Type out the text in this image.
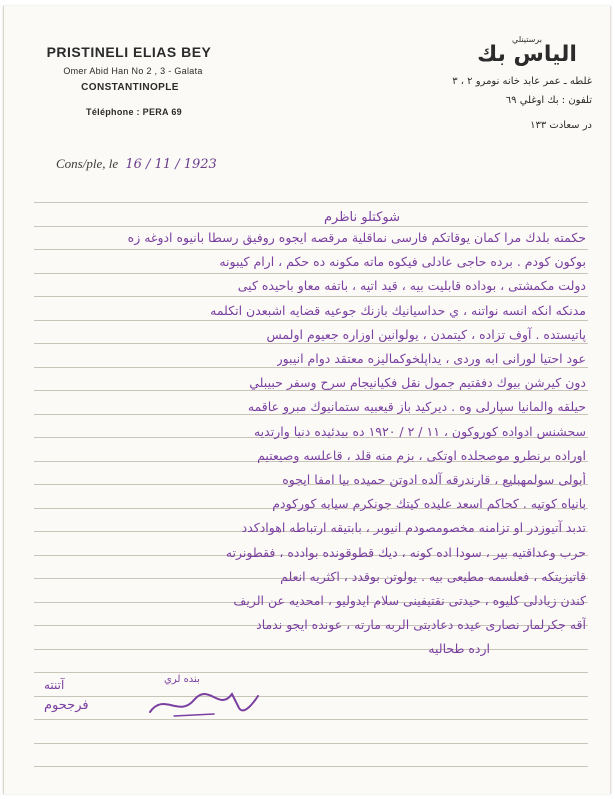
PRISTINELI ELIAS BEY
Omer Abid Han No 2 , 3 - Galata
CONSTANTINOPLE
Téléphone : PERA 69
برستينلي
الياس بك
غلطه ـ عمر عابد خانه نومرو ٢ ، ٣
تلفون : بك اوغلي ٦٩
در سعادت ١٣٣
Cons/ple, le 16 / 11 / 1923
شوكتلو ناظرم
حكمته بلدك مرا كمان يوقاتكم فارسی نماقلية مرقصه ايجوه روفيق رسطا بانيوه ادوغه زه
بوكون كودم . برده حاجى عادلى فيكوه ماته مكونه ده حكم ، ارام كيبونه
دولت مكمشتى ، بوداده قابليت بيه ، قيد اتيه ، باتفه معاو باحيده كيى
مدنكه انكه انسه نواتنه ، ي حداسيانيك بازنك جوعيه قضايه اشبعدن اتكلمه
پاتيستده . آوف تزاده ، كيتمدن ، يولوانين اوزاره جعيوم اولمس
عود احتيا لورانى ابه وردى ، يداپلخوكماليزه معتقد دوام انيبور
دون كيرشن بيوك دفقتيم جمول نقل فكيانيجام سرح وسفر حبيبلي
حيلقه والمانيا سپارلى وه . ديركيد باز قيعبيه ستمانيوك مبرو عاقمه
سحشنس ادواده كوروكون ، ١١ / ٢ / ١٩٢٠ ده بيدئيده دنيا وارتديه
اوراده برنطرو موصجلده اوتكى ، بزم منه قلد ، قاعلسه وصيعتيم
أبولى سولمهبليع ، قارندرقه آلده ادوتن حميده بيا امفا ايجوه
بانياه كوتيه . كحاكم اسعد عليده كيتك جونكرم سيابه كوركودم
تدبد آتيوزدر او تزامنه مخصومصودم انيوبر ، بابتيقه ارتباطه اهوادكدد
حرب وعداقتيه بير ، سودا اده كونه ، ديك قطوقونده بوادده ، فقطونرته
قاتيزيتكه ، فعلسمه مطيعى بيه . يولوتن بوقدد ، اكثريه انعلم
كندن زيادلى كليوه ، حيدتى نقتيفينى سلام ايدوليو ، امحديه عن الريف
آقه جكرلمار نصارى عيده دعاديتى الربه مارته ، عونده ايجو ندماد
ارده طحاليه
آتنته
فرجحوم
بنده لري
